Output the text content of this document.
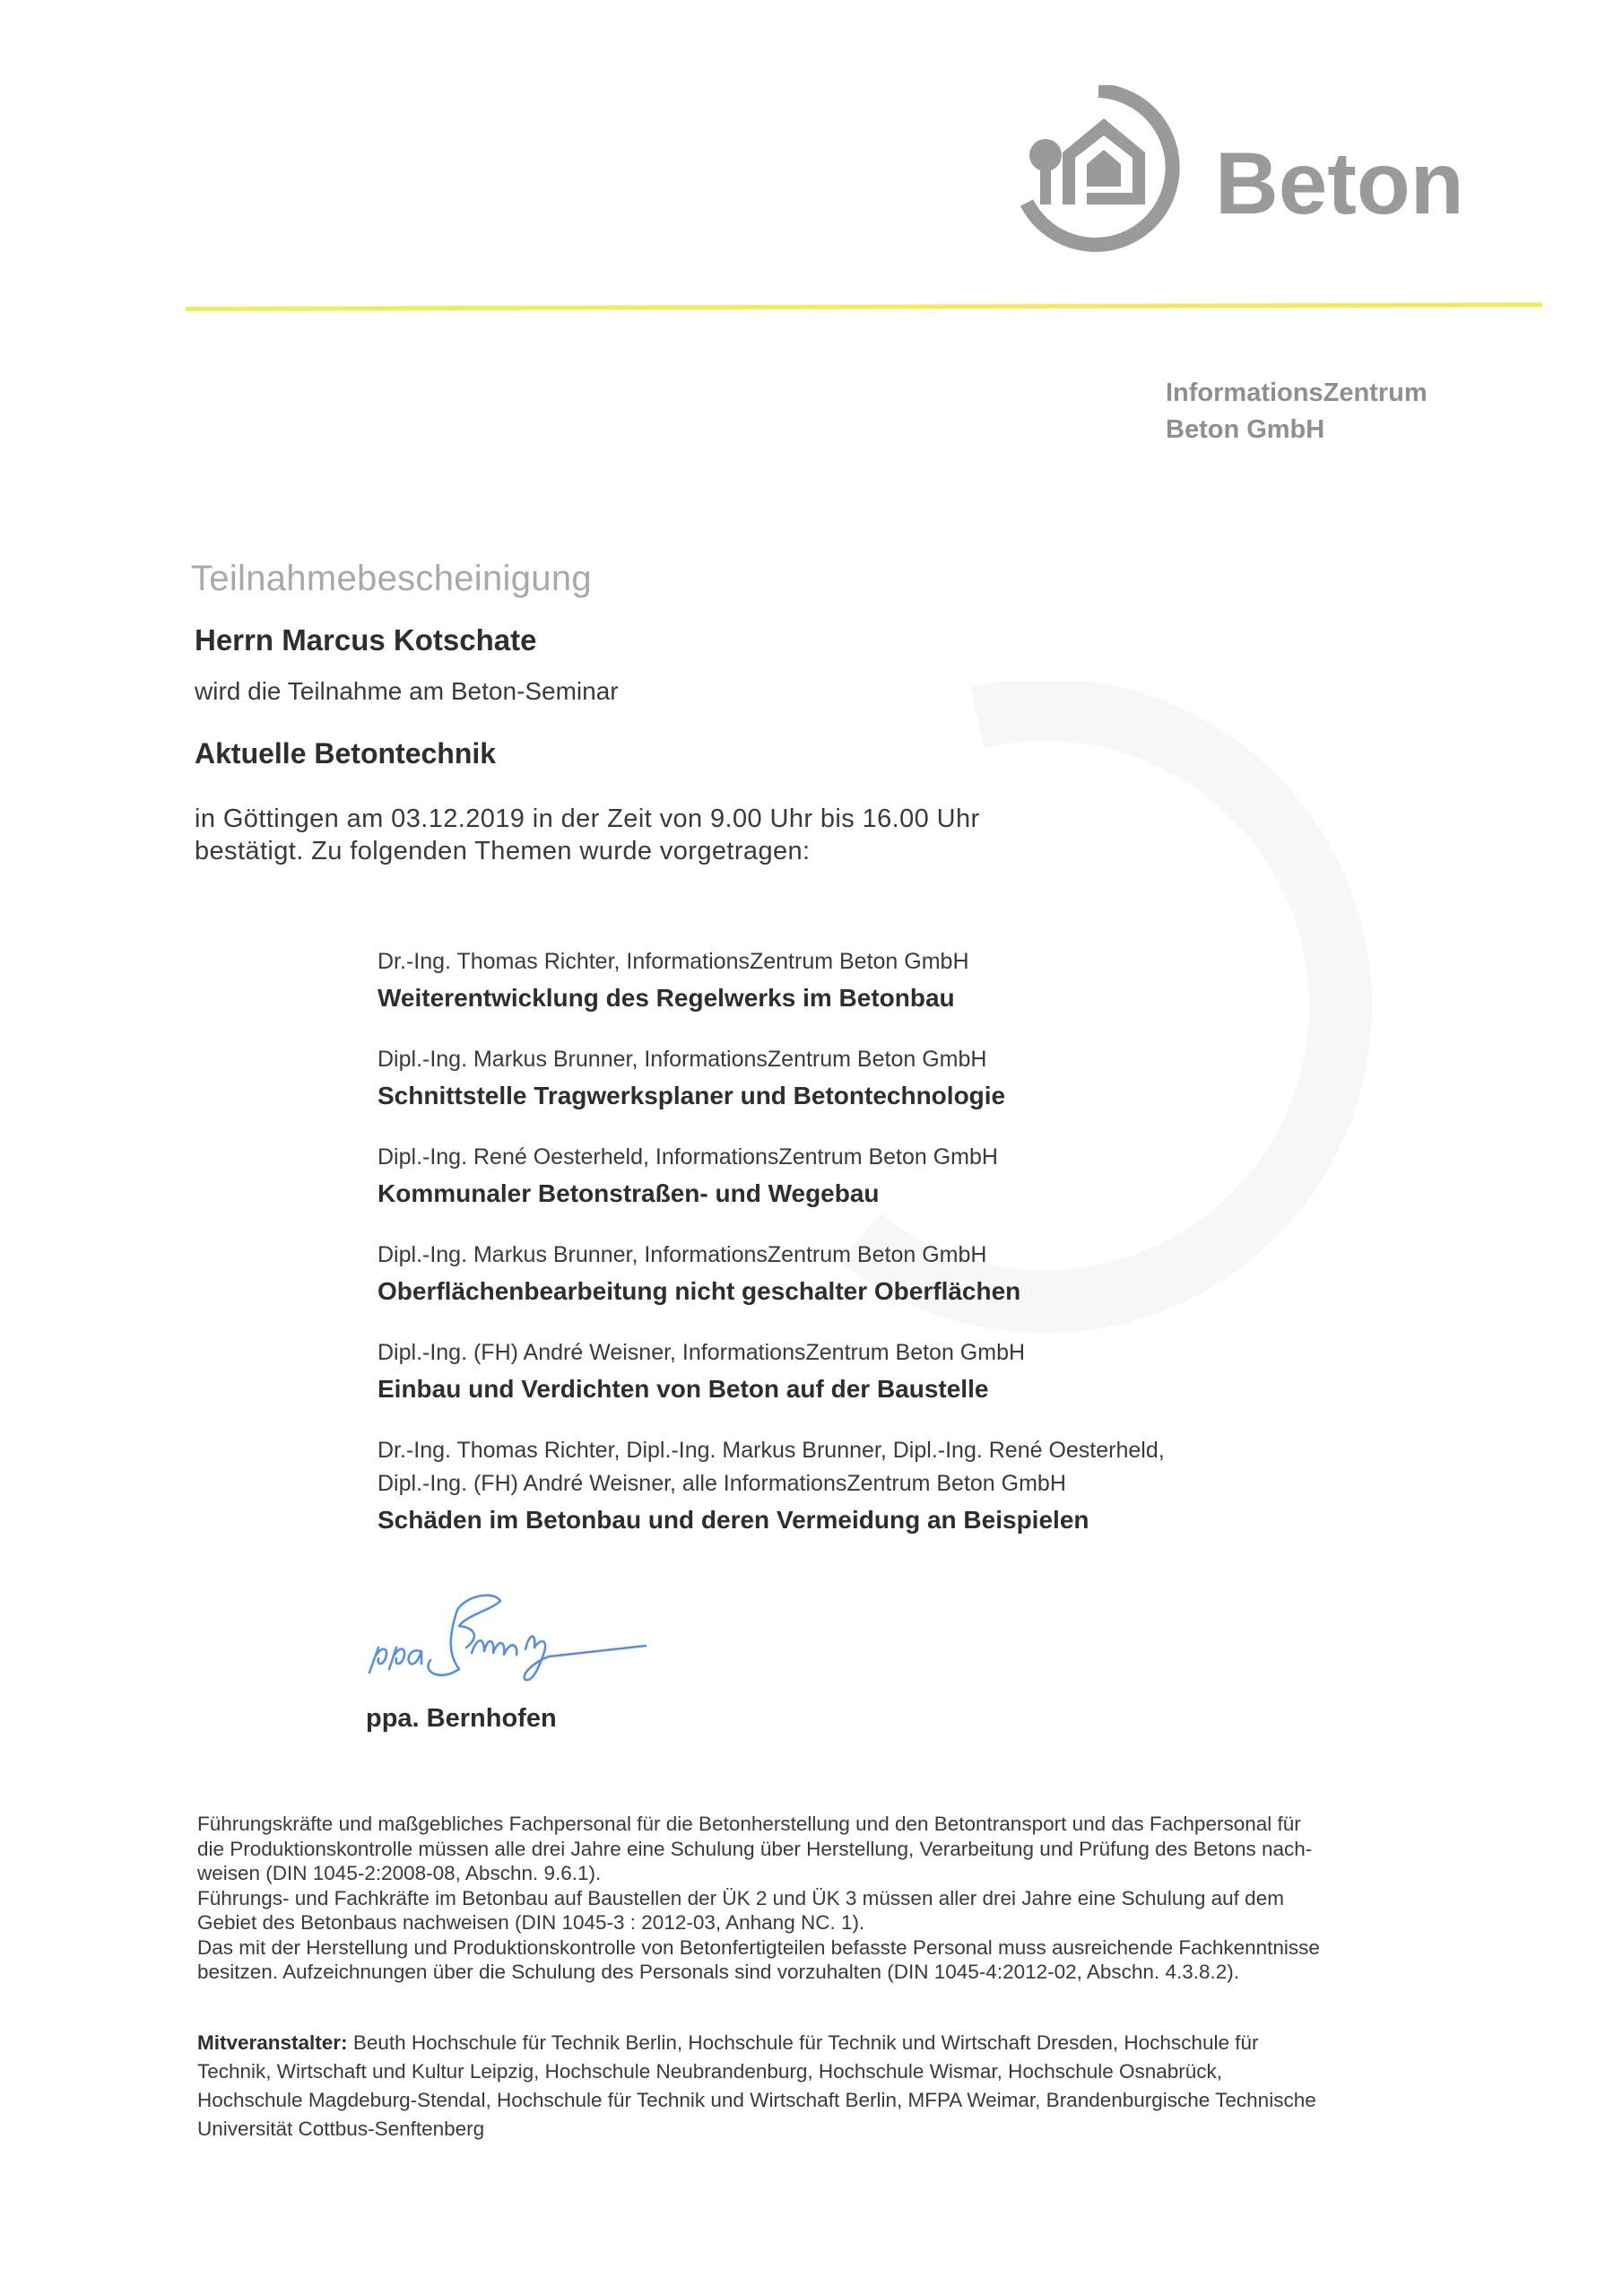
Beton
InformationsZentrum
Beton GmbH
Teilnahmebescheinigung
Herrn Marcus Kotschate
wird die Teilnahme am Beton-Seminar
Aktuelle Betontechnik
in Göttingen am 03.12.2019 in der Zeit von 9.00 Uhr bis 16.00 Uhr
bestätigt. Zu folgenden Themen wurde vorgetragen:
Dr.-Ing. Thomas Richter, InformationsZentrum Beton GmbH
Weiterentwicklung des Regelwerks im Betonbau
Dipl.-Ing. Markus Brunner, InformationsZentrum Beton GmbH
Schnittstelle Tragwerksplaner und Betontechnologie
Dipl.-Ing. René Oesterheld, InformationsZentrum Beton GmbH
Kommunaler Betonstraßen- und Wegebau
Dipl.-Ing. Markus Brunner, InformationsZentrum Beton GmbH
Oberflächenbearbeitung nicht geschalter Oberflächen
Dipl.-Ing. (FH) André Weisner, InformationsZentrum Beton GmbH
Einbau und Verdichten von Beton auf der Baustelle
Dr.-Ing. Thomas Richter, Dipl.-Ing. Markus Brunner, Dipl.-Ing. René Oesterheld,
Dipl.-Ing. (FH) André Weisner, alle InformationsZentrum Beton GmbH
Schäden im Betonbau und deren Vermeidung an Beispielen
ppa. Bernhofen

Führungskräfte und maßgebliches Fachpersonal für die Betonherstellung und den Betontransport und das Fachpersonal für

die Produktionskontrolle müssen alle drei Jahre eine Schulung über Herstellung, Verarbeitung und Prüfung des Betons nach-

weisen (DIN 1045-2:2008-08, Abschn. 9.6.1).

Führungs- und Fachkräfte im Betonbau auf Baustellen der ÜK 2 und ÜK 3 müssen aller drei Jahre eine Schulung auf dem

Gebiet des Betonbaus nachweisen (DIN 1045-3 : 2012-03, Anhang NC. 1).

Das mit der Herstellung und Produktionskontrolle von Betonfertigteilen befasste Personal muss ausreichende Fachkenntnisse

besitzen. Aufzeichnungen über die Schulung des Personals sind vorzuhalten (DIN 1045-4:2012-02, Abschn. 4.3.8.2).

Mitveranstalter: Beuth Hochschule für Technik Berlin, Hochschule für Technik und Wirtschaft Dresden, Hochschule für
Technik, Wirtschaft und Kultur Leipzig, Hochschule Neubrandenburg, Hochschule Wismar, Hochschule Osnabrück,
Hochschule Magdeburg-Stendal, Hochschule für Technik und Wirtschaft Berlin, MFPA Weimar, Brandenburgische Technische
Universität Cottbus-Senftenberg
